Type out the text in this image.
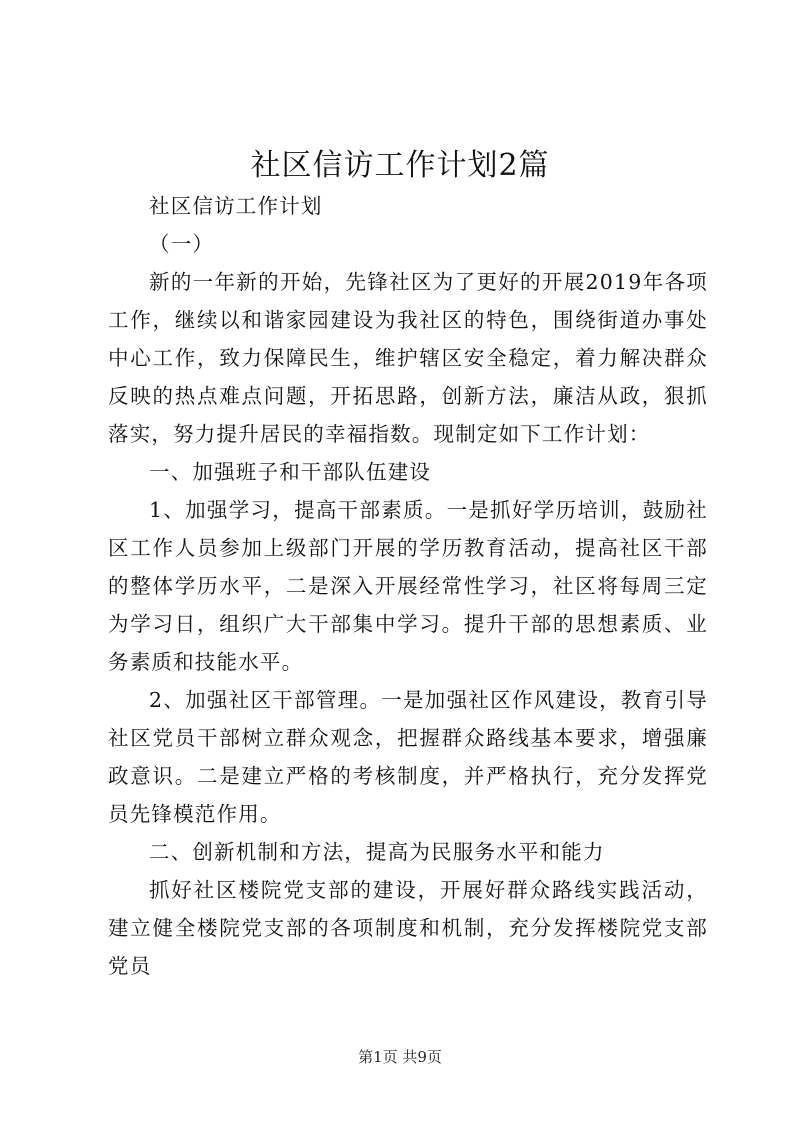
社区信访工作计划2篇

社区信访工作计划

（一）

新的一年新的开始，先锋社区为了更好的开展2019年各项工作，继续以和谐家园建设为我社区的特色，围绕街道办事处中心工作，致力保障民生，维护辖区安全稳定，着力解决群众反映的热点难点问题，开拓思路，创新方法，廉洁从政，狠抓落实，努力提升居民的幸福指数。现制定如下工作计划：

一、加强班子和干部队伍建设

1、加强学习，提高干部素质。一是抓好学历培训，鼓励社区工作人员参加上级部门开展的学历教育活动，提高社区干部的整体学历水平，二是深入开展经常性学习，社区将每周三定为学习日，组织广大干部集中学习。提升干部的思想素质、业务素质和技能水平。

2、加强社区干部管理。一是加强社区作风建设，教育引导社区党员干部树立群众观念，把握群众路线基本要求，增强廉政意识。二是建立严格的考核制度，并严格执行，充分发挥党员先锋模范作用。

二、创新机制和方法，提高为民服务水平和能力

抓好社区楼院党支部的建设，开展好群众路线实践活动，建立健全楼院党支部的各项制度和机制，充分发挥楼院党支部党员

第1页 共9页
